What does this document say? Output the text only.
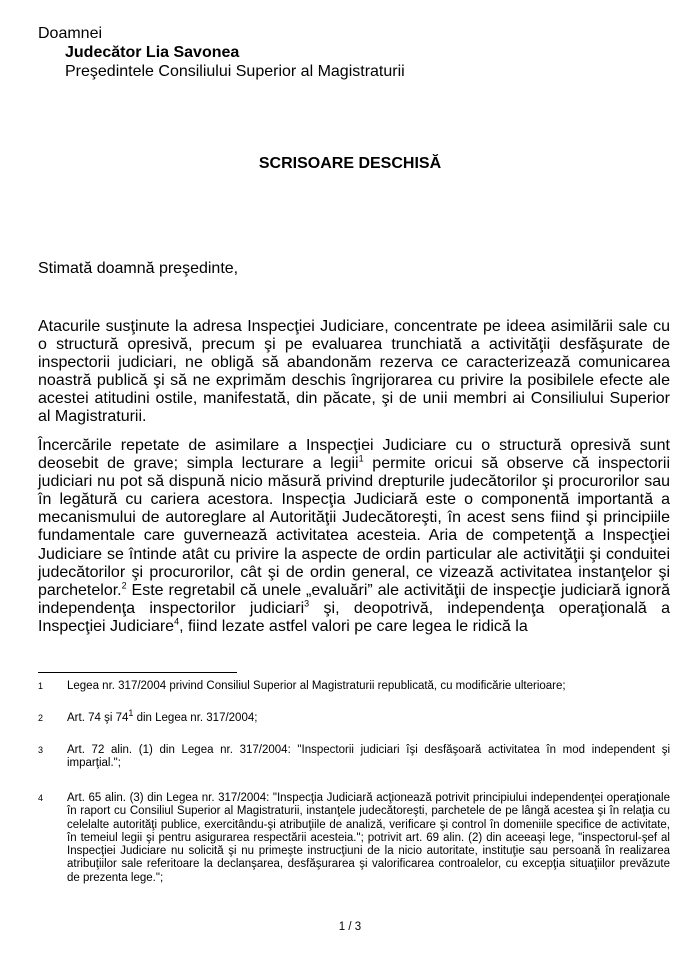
Doamnei
Judecător Lia Savonea
Preşedintele Consiliului Superior al Magistraturii
SCRISOARE DESCHISĂ
Stimată doamnă preşedinte,
Atacurile susţinute la adresa Inspecţiei Judiciare, concentrate pe ideea asimilării sale cu o structură opresivă, precum şi pe evaluarea trunchiată a activităţii desfăşurate de inspectorii judiciari, ne obligă să abandonăm rezerva ce caracterizează comunicarea noastră publică şi să ne exprimăm deschis îngrijorarea cu privire la posibilele efecte ale acestei atitudini ostile, manifestată, din păcate, şi de unii membri ai Consiliului Superior al Magistraturii.
Încercările repetate de asimilare a Inspecţiei Judiciare cu o structură opresivă sunt deosebit de grave; simpla lecturare a legii$^1$ permite oricui să observe că inspectorii judiciari nu pot să dispună nicio măsură privind drepturile judecătorilor şi procurorilor sau în legătură cu cariera acestora. Inspecţia Judiciară este o componentă importantă a mecanismului de autoreglare al Autorităţii Judecătoreşti, în acest sens fiind şi principiile fundamentale care guvernează activitatea acesteia. Aria de competenţă a Inspecţiei Judiciare se întinde atât cu privire la aspecte de ordin particular ale activităţii şi conduitei judecătorilor şi procurorilor, cât şi de ordin general, ce vizează activitatea instanţelor şi parchetelor.$^2$ Este regretabil că unele „evaluări” ale activităţii de inspecţie judiciară ignoră independenţa inspectorilor judiciari$^3$ şi, deopotrivă, independenţa operaţională a Inspecţiei Judiciare$^4$, fiind lezate astfel valori pe care legea le ridică la
1 Legea nr. 317/2004 privind Consiliul Superior al Magistraturii republicată, cu modificărie ulterioare;
2 Art. 74 şi $74^1$ din Legea nr. 317/2004;
3 Art. 72 alin. (1) din Legea nr. 317/2004: "Inspectorii judiciari îşi desfăşoară activitatea în mod independent şi imparţial.";
4 Art. 65 alin. (3) din Legea nr. 317/2004: "Inspecţia Judiciară acţionează potrivit principiului independenţei operaţionale în raport cu Consiliul Superior al Magistraturii, instanţele judecătoreşti, parchetele de pe lângă acestea şi în relaţia cu celelalte autorităţi publice, exercitându-şi atribuţiile de analiză, verificare şi control în domeniile specifice de activitate, în temeiul legii şi pentru asigurarea respectării acesteia."; potrivit art. 69 alin. (2) din aceeaşi lege, "inspectorul-şef al Inspecţiei Judiciare nu solicită şi nu primeşte instrucţiuni de la nicio autoritate, instituţie sau persoană în realizarea atribuţiilor sale referitoare la declanşarea, desfăşurarea şi valorificarea controalelor, cu excepţia situaţiilor prevăzute de prezenta lege.";
1 / 3
